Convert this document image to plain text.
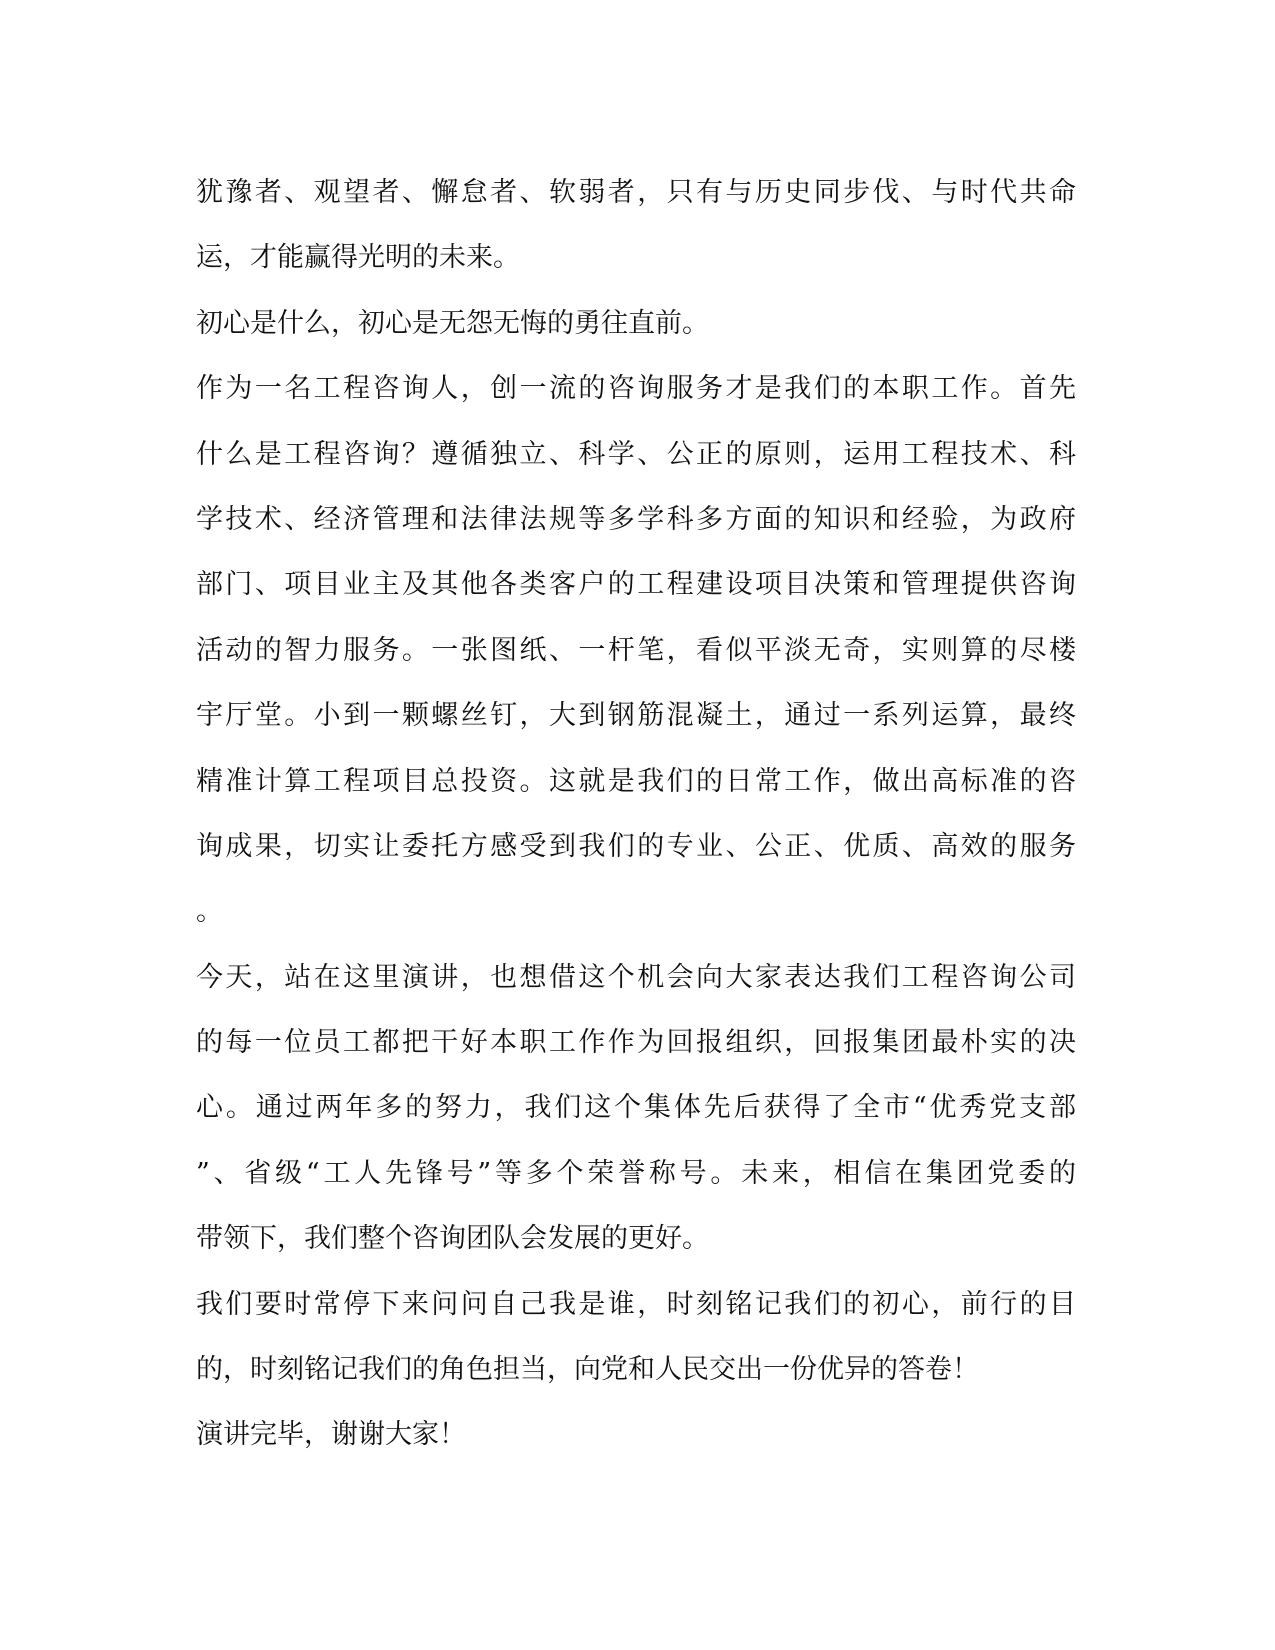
犹豫者、观望者、懈怠者、软弱者，只有与历史同步伐、与时代共命
运，才能赢得光明的未来。
初心是什么，初心是无怨无悔的勇往直前。
作为一名工程咨询人，创一流的咨询服务才是我们的本职工作。首先
什么是工程咨询？遵循独立、科学、公正的原则，运用工程技术、科
学技术、经济管理和法律法规等多学科多方面的知识和经验，为政府
部门、项目业主及其他各类客户的工程建设项目决策和管理提供咨询
活动的智力服务。一张图纸、一杆笔，看似平淡无奇，实则算的尽楼
宇厅堂。小到一颗螺丝钉，大到钢筋混凝土，通过一系列运算，最终
精准计算工程项目总投资。这就是我们的日常工作，做出高标准的咨
询成果，切实让委托方感受到我们的专业、公正、优质、高效的服务
。
今天，站在这里演讲，也想借这个机会向大家表达我们工程咨询公司
的每一位员工都把干好本职工作作为回报组织，回报集团最朴实的决
心。通过两年多的努力，我们这个集体先后获得了全市“优秀党支部
”、省级“工人先锋号”等多个荣誉称号。未来，相信在集团党委的
带领下，我们整个咨询团队会发展的更好。
我们要时常停下来问问自己我是谁，时刻铭记我们的初心，前行的目
的，时刻铭记我们的角色担当，向党和人民交出一份优异的答卷！
演讲完毕，谢谢大家！
